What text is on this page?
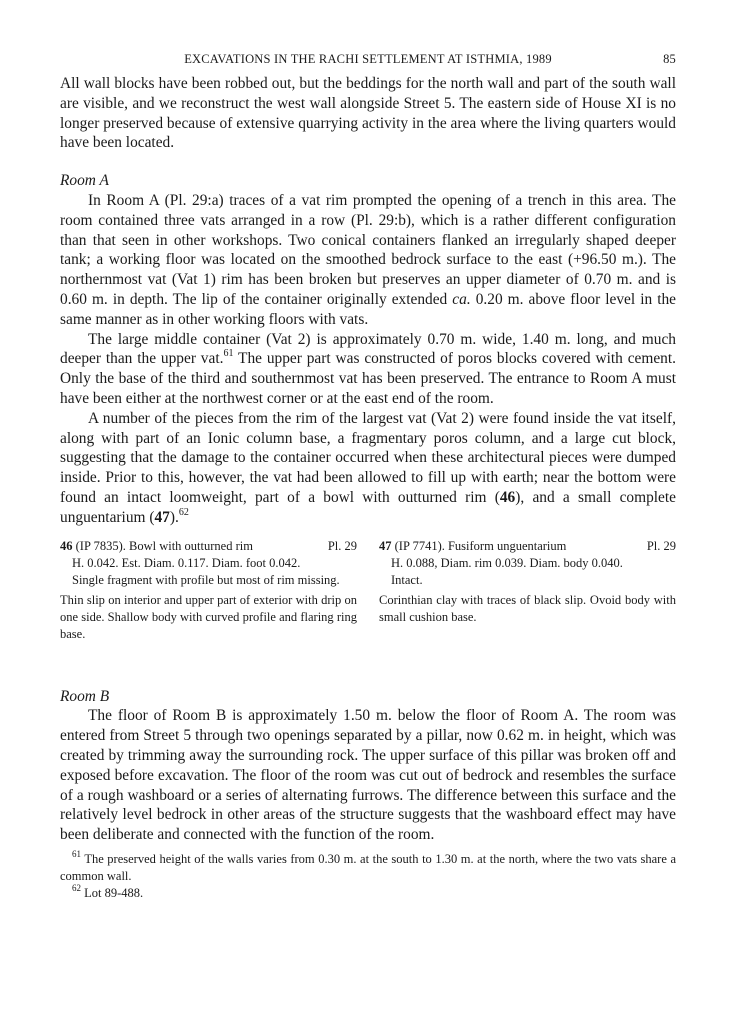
EXCAVATIONS IN THE RACHI SETTLEMENT AT ISTHMIA, 1989	85

All wall blocks have been robbed out, but the beddings for the north wall and part of the south wall are visible, and we reconstruct the west wall alongside Street 5. The eastern side of House XI is no longer preserved because of extensive quarrying activity in the area where the living quarters would have been located.

Room A

In Room A (Pl. 29:a) traces of a vat rim prompted the opening of a trench in this area. The room contained three vats arranged in a row (Pl. 29:b), which is a rather different configuration than that seen in other workshops. Two conical containers flanked an irregularly shaped deeper tank; a working floor was located on the smoothed bedrock surface to the east (+96.50 m.). The northernmost vat (Vat 1) rim has been broken but preserves an upper diameter of 0.70 m. and is 0.60 m. in depth. The lip of the container originally extended ca. 0.20 m. above floor level in the same manner as in other working floors with vats.

The large middle container (Vat 2) is approximately 0.70 m. wide, 1.40 m. long, and much deeper than the upper vat.$^{61}$ The upper part was constructed of poros blocks covered with cement. Only the base of the third and southernmost vat has been preserved. The entrance to Room A must have been either at the northwest corner or at the east end of the room.

A number of the pieces from the rim of the largest vat (Vat 2) were found inside the vat itself, along with part of an Ionic column base, a fragmentary poros column, and a large cut block, suggesting that the damage to the container occurred when these architectural pieces were dumped inside. Prior to this, however, the vat had been allowed to fill up with earth; near the bottom were found an intact loomweight, part of a bowl with outturned rim (46), and a small complete unguentarium (47).$^{62}$

46 (IP 7835). Bowl with outturned rim	Pl. 29
H. 0.042. Est. Diam. 0.117. Diam. foot 0.042.
Single fragment with profile but most of rim missing.
Thin slip on interior and upper part of exterior with drip on one side. Shallow body with curved profile and flaring ring base.
47 (IP 7741). Fusiform unguentarium	Pl. 29
H. 0.088, Diam. rim 0.039. Diam. body 0.040.
Intact.
Corinthian clay with traces of black slip. Ovoid body with small cushion base.

Room B

The floor of Room B is approximately 1.50 m. below the floor of Room A. The room was entered from Street 5 through two openings separated by a pillar, now 0.62 m. in height, which was created by trimming away the surrounding rock. The upper surface of this pillar was broken off and exposed before excavation. The floor of the room was cut out of bedrock and resembles the surface of a rough washboard or a series of alternating furrows. The difference between this surface and the relatively level bedrock in other areas of the structure suggests that the washboard effect may have been deliberate and connected with the function of the room.

$^{61}$ The preserved height of the walls varies from 0.30 m. at the south to 1.30 m. at the north, where the two vats share a common wall.
$^{62}$ Lot 89-488.
